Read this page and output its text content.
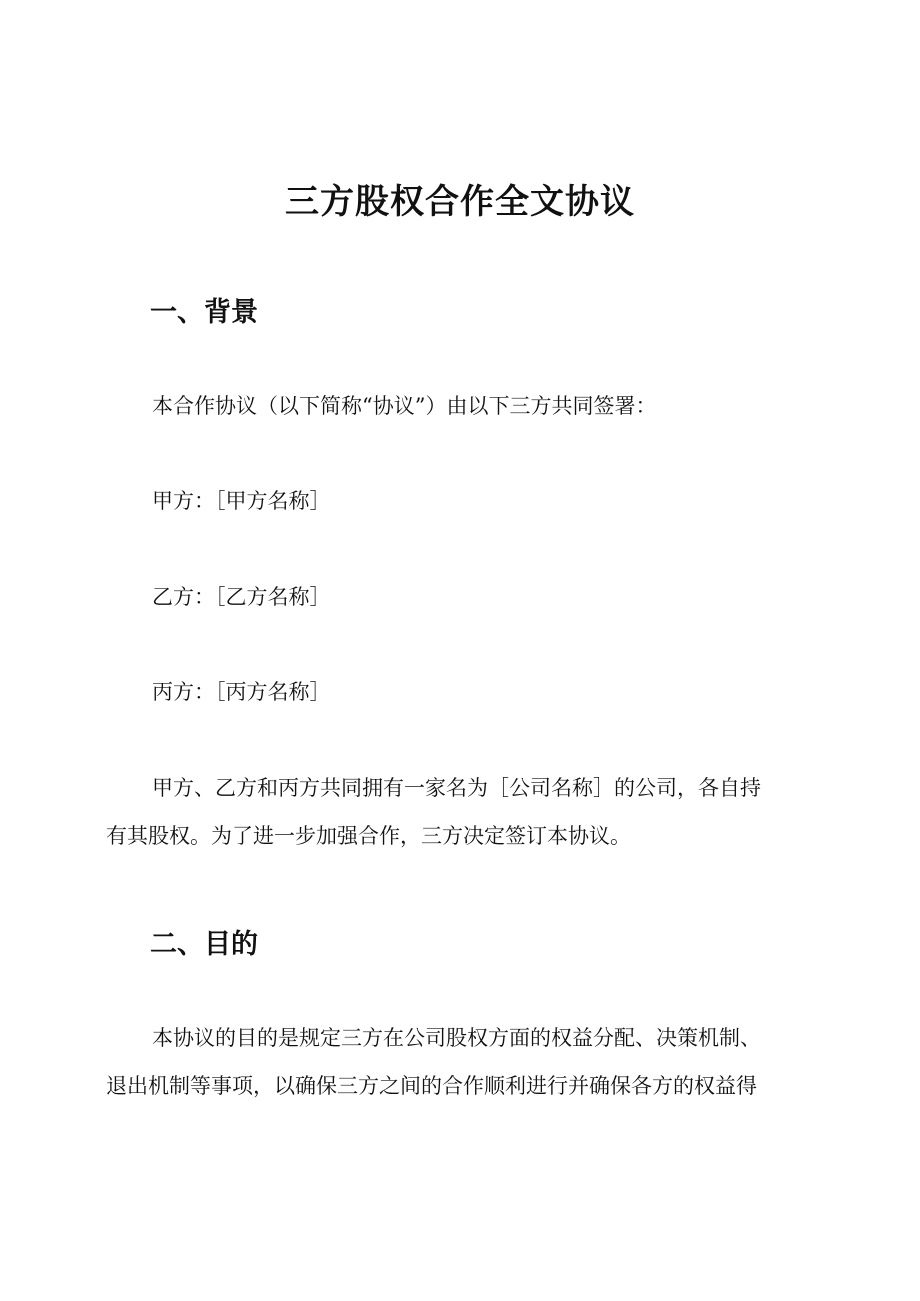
三方股权合作全文协议
一、背景

本合作协议（以下简称“协议”）由以下三方共同签署：

甲方：［甲方名称］

乙方：［乙方名称］

丙方：［丙方名称］

甲方、乙方和丙方共同拥有一家名为［公司名称］的公司，各自持

有其股权。为了进一步加强合作，三方决定签订本协议。

二、目的

本协议的目的是规定三方在公司股权方面的权益分配、决策机制、

退出机制等事项，以确保三方之间的合作顺利进行并确保各方的权益得
